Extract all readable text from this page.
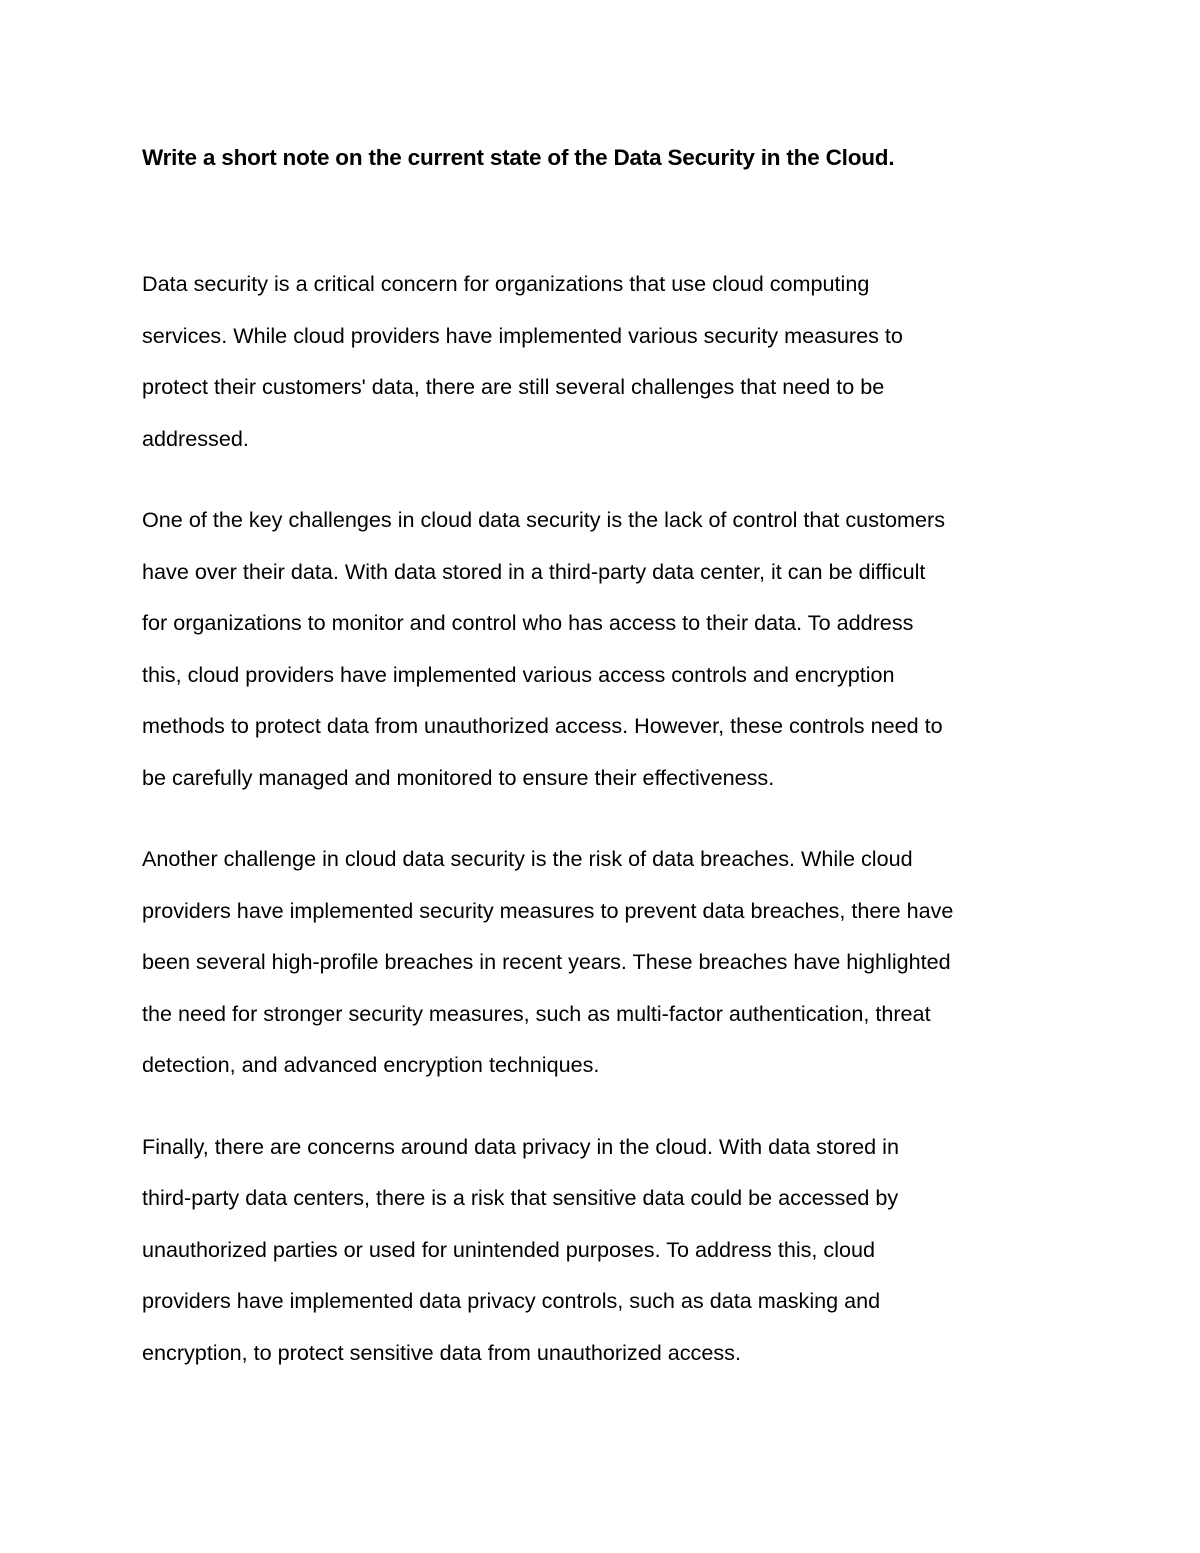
Write a short note on the current state of the Data Security in the Cloud.

Data security is a critical concern for organizations that use cloud computing
services. While cloud providers have implemented various security measures to
protect their customers' data, there are still several challenges that need to be
addressed.

One of the key challenges in cloud data security is the lack of control that customers
have over their data. With data stored in a third-party data center, it can be difficult
for organizations to monitor and control who has access to their data. To address
this, cloud providers have implemented various access controls and encryption
methods to protect data from unauthorized access. However, these controls need to
be carefully managed and monitored to ensure their effectiveness.

Another challenge in cloud data security is the risk of data breaches. While cloud
providers have implemented security measures to prevent data breaches, there have
been several high-profile breaches in recent years. These breaches have highlighted
the need for stronger security measures, such as multi-factor authentication, threat
detection, and advanced encryption techniques.

Finally, there are concerns around data privacy in the cloud. With data stored in
third-party data centers, there is a risk that sensitive data could be accessed by
unauthorized parties or used for unintended purposes. To address this, cloud
providers have implemented data privacy controls, such as data masking and
encryption, to protect sensitive data from unauthorized access.
